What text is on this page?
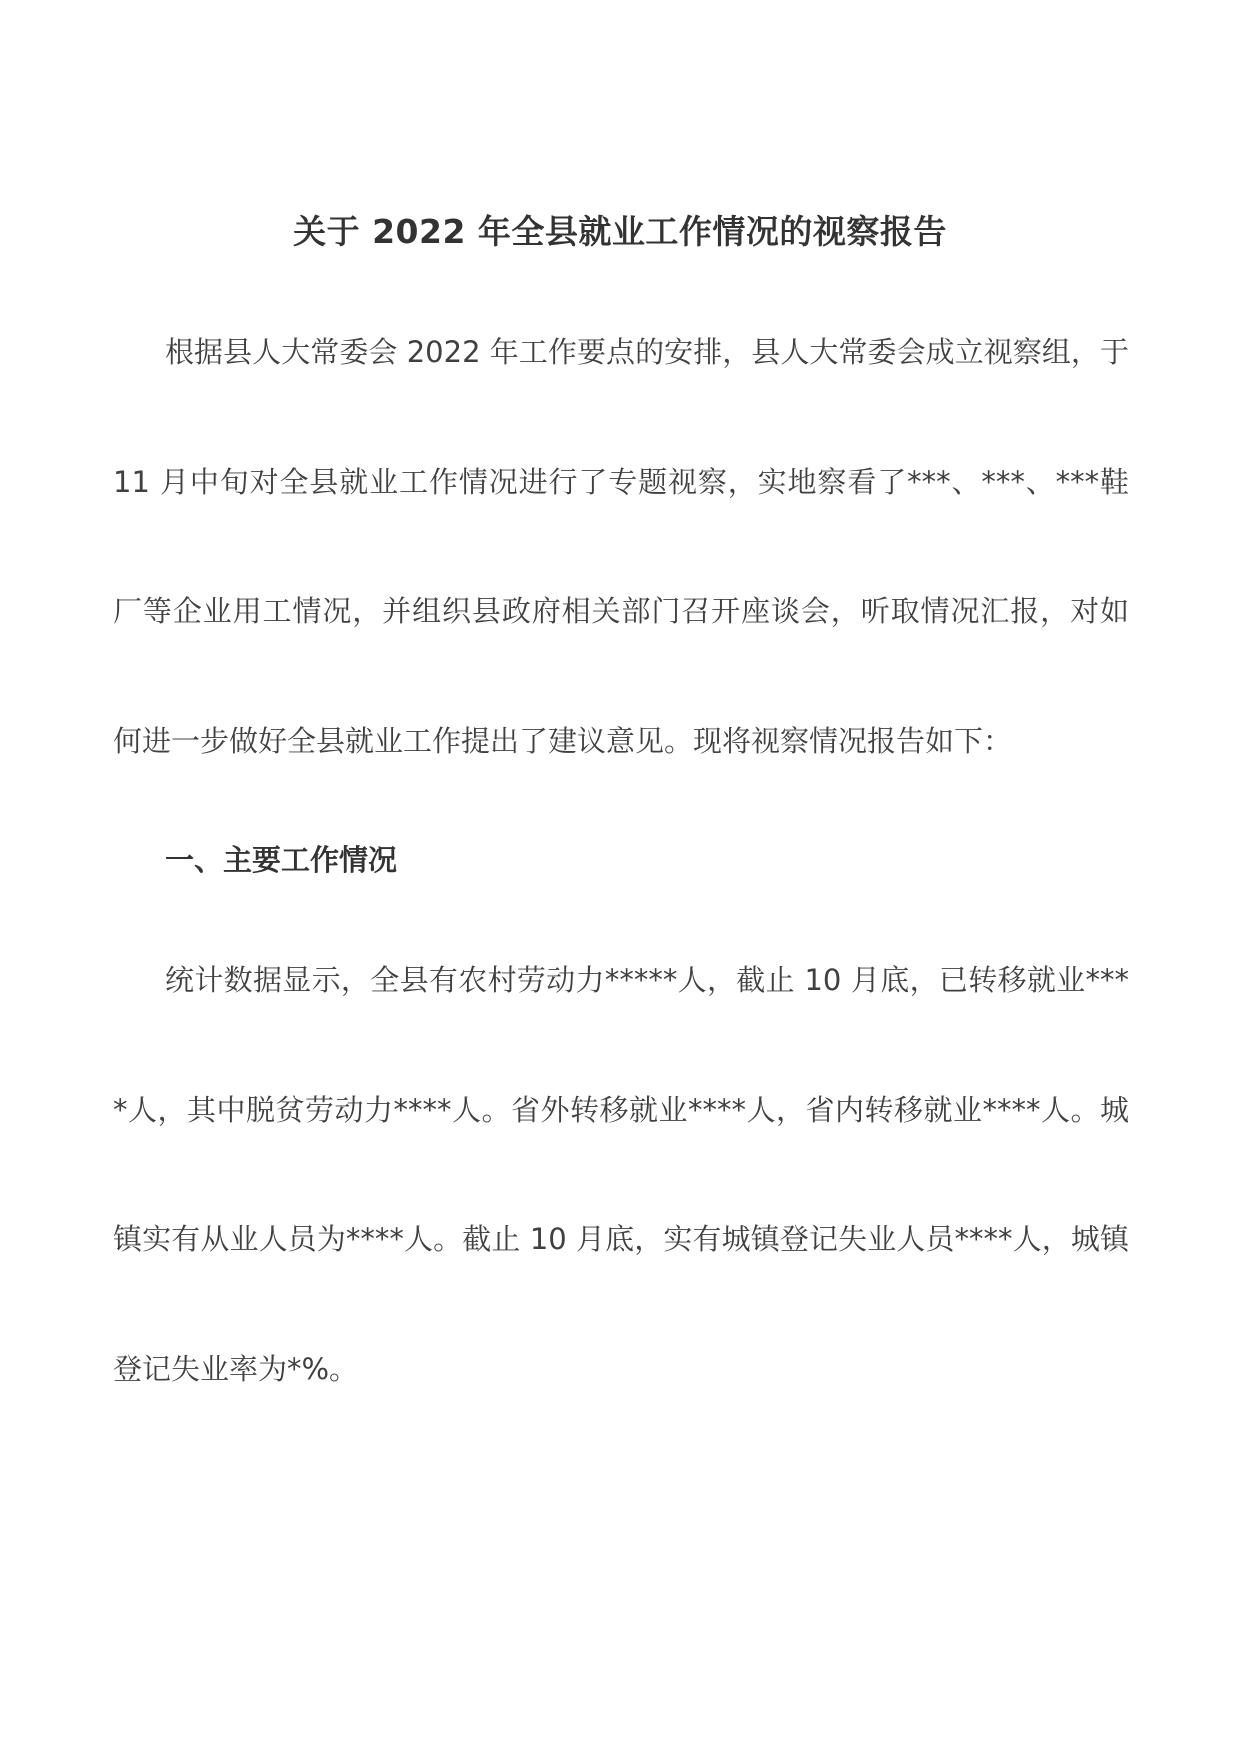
关于 2022 年全县就业工作情况的视察报告
根据县人大常委会 2022 年工作要点的安排，县人大常委会成立视察组，于
11 月中旬对全县就业工作情况进行了专题视察，实地察看了***、***、***鞋
厂等企业用工情况，并组织县政府相关部门召开座谈会，听取情况汇报，对如
何进一步做好全县就业工作提出了建议意见。现将视察情况报告如下：
一、主要工作情况
统计数据显示，全县有农村劳动力*****人，截止 10 月底，已转移就业***
*人，其中脱贫劳动力****人。省外转移就业****人，省内转移就业****人。城
镇实有从业人员为****人。截止 10 月底，实有城镇登记失业人员****人，城镇
登记失业率为*%。
